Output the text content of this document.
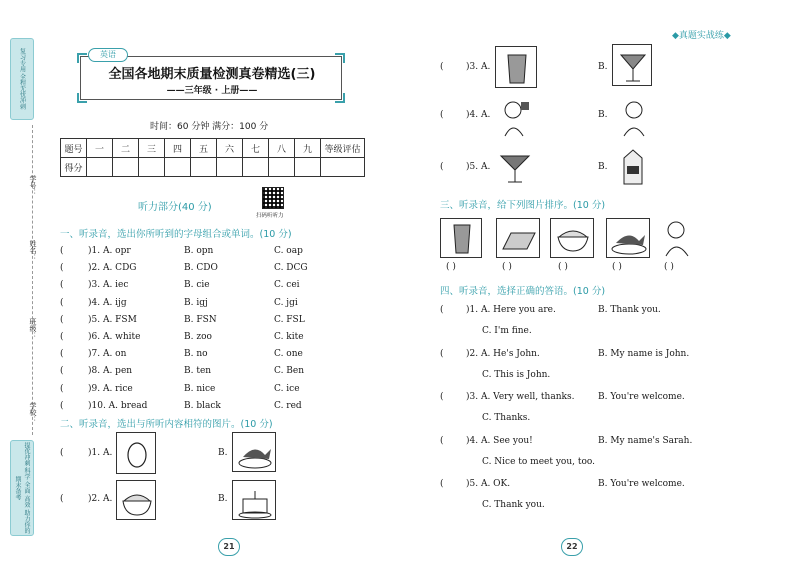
◆真题实战练◆
复习专用 全程无忧冲刺
提优冲刺 科学 全面 高效 助力你的期末备考
学号：
姓名：
班级：
学校：
全国各地期末质量检测真卷精选(三)
——三年级 · 上册——
英语
时间：60 分钟 满分：100 分
题号	一	二	三	四	五	六	七	八	九	等级评估
得分										
听力部分(40 分)
扫码听听力
一、听录音，选出你所听到的字母组合或单词。(10 分)
(	)1. A. opr	B. opn	C. oap
(	)2. A. CDG	B. CDO	C. DCG
(	)3. A. iec	B. cie	C. cei
(	)4. A. ijg	B. igj	C. jgi
(	)5. A. FSM	B. FSN	C. FSL
(	)6. A. white	B. zoo	C. kite
(	)7. A. on	B. no	C. one
(	)8. A. pen	B. ten	C. Ben
(	)9. A. rice	B. nice	C. ice
(	)10. A. bread	B. black	C. red
二、听录音，选出与所听内容相符的图片。(10 分)
(	)1. A.	B.
(	)2. A.	B.
( )3. A.	B.
( )4. A.	B.
( )5. A.	B.
三、听录音，给下列图片排序。(10 分)
( )	( )	( )	( )	( )
四、听录音，选择正确的答语。(10 分)
( )1. A. Here you are.	B. Thank you.
C. I'm fine.
( )2. A. He's John.	B. My name is John.
C. This is John.
( )3. A. Very well, thanks.	B. You're welcome.
C. Thanks.
( )4. A. See you!	B. My name's Sarah.
C. Nice to meet you, too.
( )5. A. OK.	B. You're welcome.
C. Thank you.
21	22
